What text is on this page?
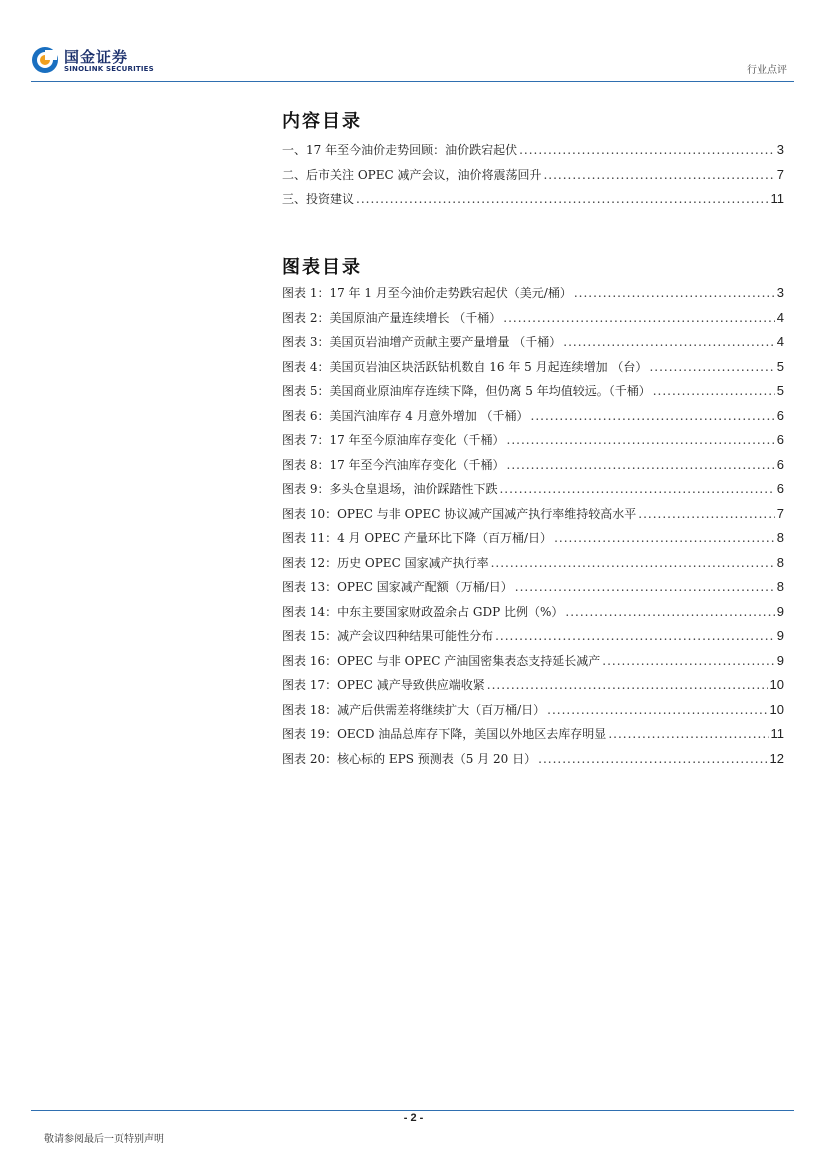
国金证券
SINOLINK SECURITIES	行业点评
内容目录
一、17 年至今油价走势回顾：油价跌宕起伏 .....	3
二、后市关注 OPEC 减产会议，油价将震荡回升 .....	7
三、投资建议 .....	11
图表目录
图表 1：17 年 1 月至今油价走势跌宕起伏（美元/桶） .....	3
图表 2：美国原油产量连续增长 （千桶） .....	4
图表 3：美国页岩油增产贡献主要产量增量 （千桶） .....	4
图表 4：美国页岩油区块活跃钻机数自 16 年 5 月起连续增加 （台） .....	5
图表 5：美国商业原油库存连续下降，但仍离 5 年均值较远。（千桶） .....	5
图表 6：美国汽油库存 4 月意外增加 （千桶） .....	6
图表 7：17 年至今原油库存变化（千桶） .....	6
图表 8：17 年至今汽油库存变化（千桶） .....	6
图表 9：多头仓皇退场，油价踩踏性下跌 .....	6
图表 10：OPEC 与非 OPEC 协议减产国减产执行率维持较高水平 .....	7
图表 11：4 月 OPEC 产量环比下降（百万桶/日） .....	8
图表 12：历史 OPEC 国家减产执行率 .....	8
图表 13：OPEC 国家减产配额（万桶/日） .....	8
图表 14：中东主要国家财政盈余占 GDP 比例（%） .....	9
图表 15：减产会议四种结果可能性分布 .....	9
图表 16：OPEC 与非 OPEC 产油国密集表态支持延长减产 .....	9
图表 17：OPEC 减产导致供应端收紧 .....	10
图表 18：减产后供需差将继续扩大（百万桶/日） .....	10
图表 19：OECD 油品总库存下降，美国以外地区去库存明显 .....	11
图表 20：核心标的 EPS 预测表（5 月 20 日） .....	12
- 2 -
敬请参阅最后一页特别声明
